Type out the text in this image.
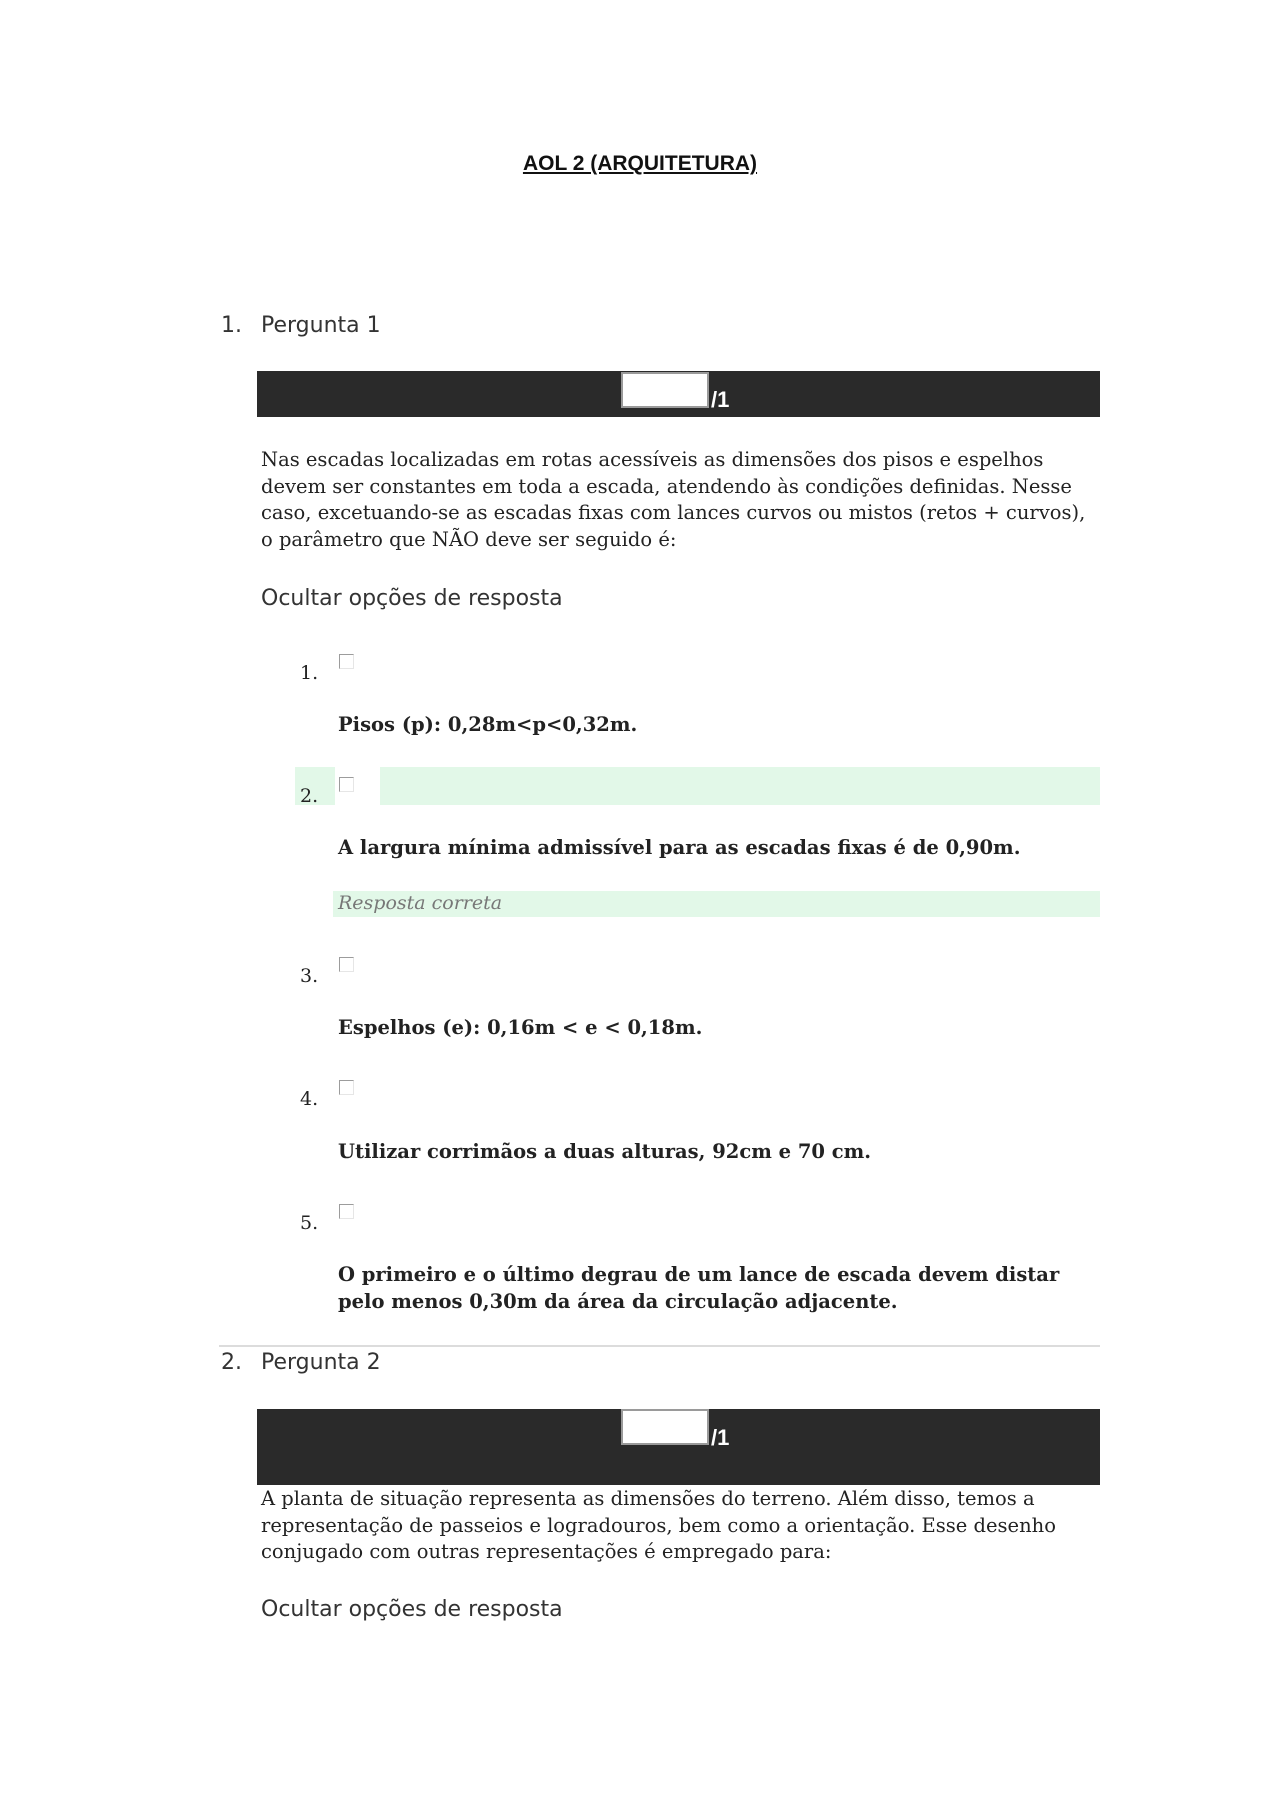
AOL 2 (ARQUITETURA)
1. Pergunta 1
/1
Nas escadas localizadas em rotas acessíveis as dimensões dos pisos e espelhos devem ser constantes em toda a escada, atendendo às condições definidas. Nesse caso, excetuando-se as escadas fixas com lances curvos ou mistos (retos + curvos), o parâmetro que NÃO deve ser seguido é:
Ocultar opções de resposta
1.
Pisos (p): 0,28m<p<0,32m.
2.
A largura mínima admissível para as escadas fixas é de 0,90m.
Resposta correta
3.
Espelhos (e): 0,16m < e < 0,18m.
4.
Utilizar corrimãos a duas alturas, 92cm e 70 cm.
5.
O primeiro e o último degrau de um lance de escada devem distar pelo menos 0,30m da área da circulação adjacente.
2. Pergunta 2
/1
A planta de situação representa as dimensões do terreno. Além disso, temos a representação de passeios e logradouros, bem como a orientação. Esse desenho conjugado com outras representações é empregado para:
Ocultar opções de resposta
